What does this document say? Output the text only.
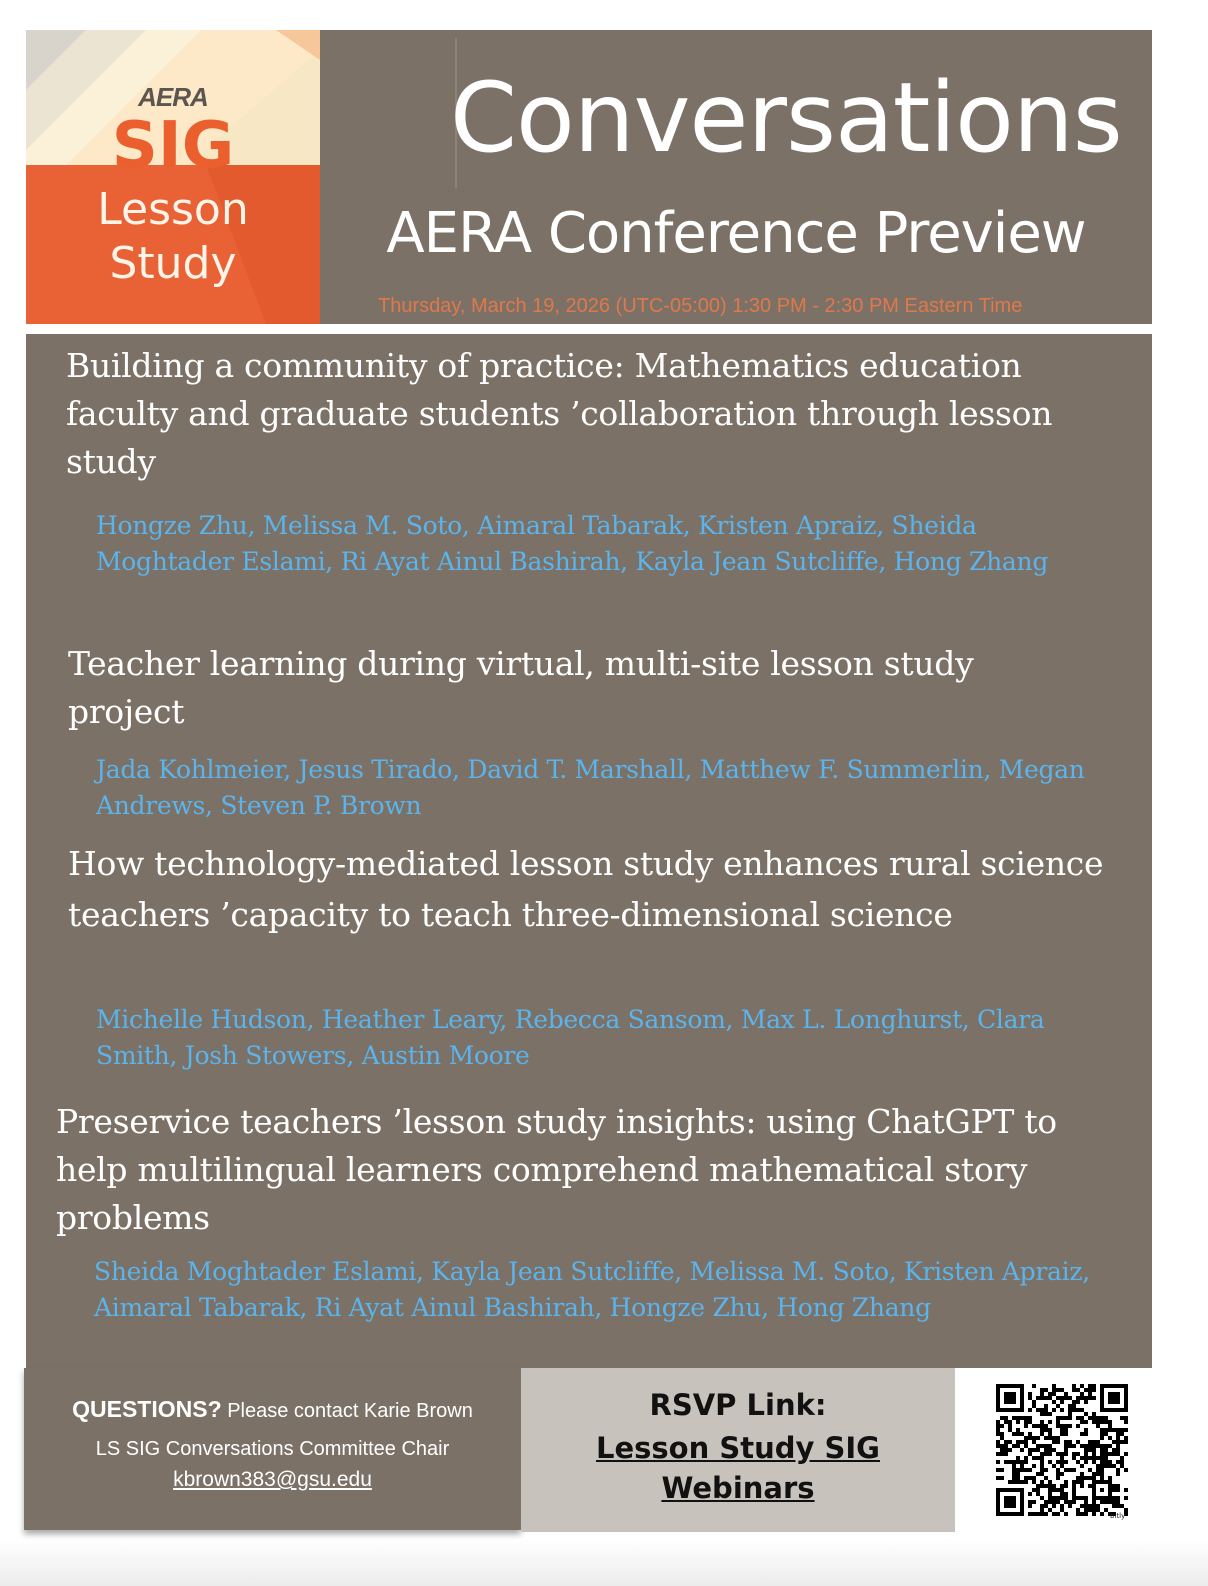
AERA
SIG
Lesson
Study
Conversations
AERA Conference Preview
Thursday, March 19, 2026 (UTC-05:00) 1:30 PM - 2:30 PM Eastern Time
Building a community of practice: Mathematics education faculty and graduate students ’collaboration through lesson study
Hongze Zhu, Melissa M. Soto, Aimaral Tabarak, Kristen Apraiz, Sheida Moghtader Eslami, Ri Ayat Ainul Bashirah, Kayla Jean Sutcliffe, Hong Zhang
Teacher learning during virtual, multi-site lesson study project
Jada Kohlmeier, Jesus Tirado, David T. Marshall, Matthew F. Summerlin, Megan Andrews, Steven P. Brown
How technology-mediated lesson study enhances rural science teachers ’capacity to teach three-dimensional science
Michelle Hudson, Heather Leary, Rebecca Sansom, Max L. Longhurst, Clara Smith, Josh Stowers, Austin Moore
Preservice teachers ’lesson study insights: using ChatGPT to help multilingual learners comprehend mathematical story problems
Sheida Moghtader Eslami, Kayla Jean Sutcliffe, Melissa M. Soto, Kristen Apraiz, Aimaral Tabarak, Ri Ayat Ainul Bashirah, Hongze Zhu, Hong Zhang
QUESTIONS? Please contact Karie Brown
LS SIG Conversations Committee Chair
kbrown383@gsu.edu
RSVP Link:
Lesson Study SIG Webinars
bitly
